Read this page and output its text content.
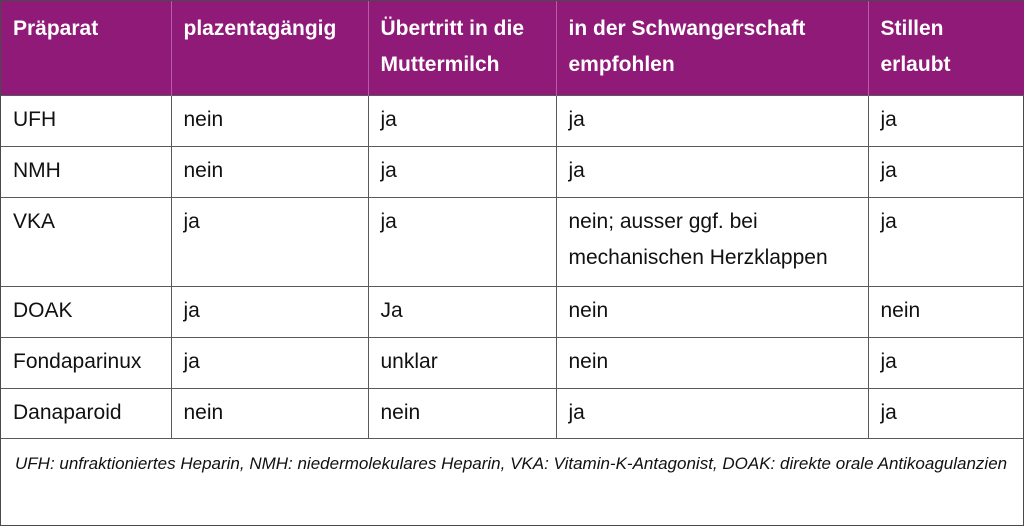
Präparat	plazentagängig	Übertritt in die Muttermilch	in der Schwangerschaft empfohlen	Stillen erlaubt
UFH	nein	ja	ja	ja
NMH	nein	ja	ja	ja
VKA	ja	ja	nein; ausser ggf. bei mechanischen Herzklappen	ja
DOAK	ja	Ja	nein	nein
Fondaparinux	ja	unklar	nein	ja
Danaparoid	nein	nein	ja	ja
UFH: unfraktioniertes Heparin, NMH: niedermolekulares Heparin, VKA: Vitamin-K-Antagonist, DOAK: direkte orale Antikoagulanzien
